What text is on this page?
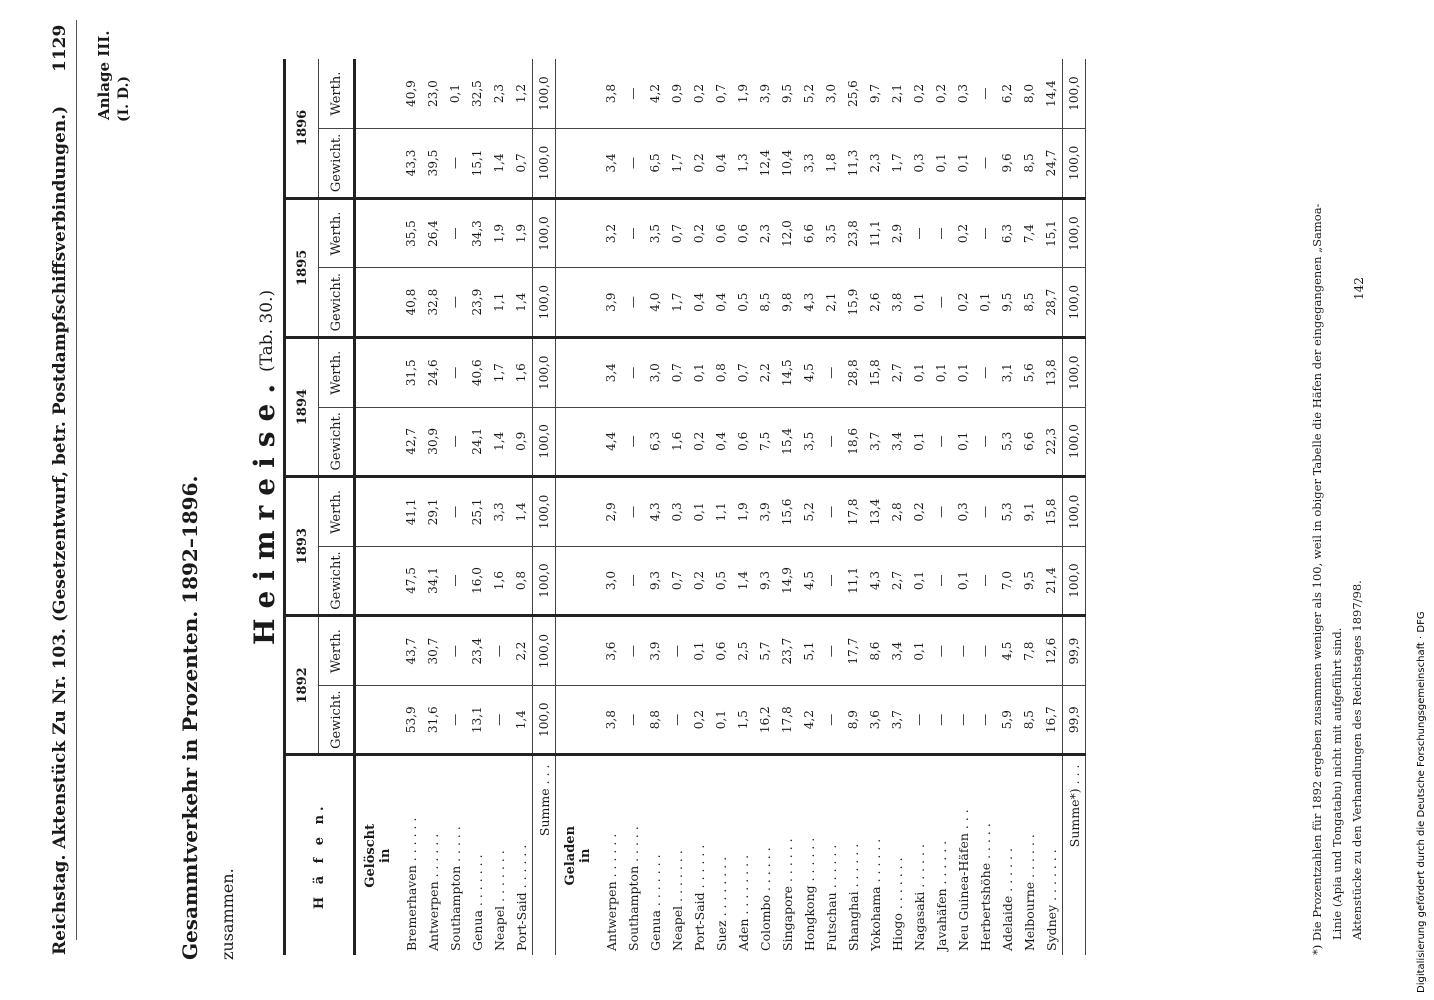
Reichstag. Aktenstück Zu Nr. 103. (Gesetzentwurf, betr. Postdampfschiffsverbindungen.)
1129 Anlage III. (I. D.)
Gesammtverkehr in Prozenten. 1892–1896. zusammen.
Heimreise.
(Tab. 30.)
H ä f e n.	1892		1893		1894		1895		1896	
	Gewicht.	Werth.	Gewicht.	Werth.	Gewicht.	Werth.	Gewicht.	Werth.	Gewicht.	Werth.
Gelöscht
in										
Bremerhaven . . . . . .	53,9	43,7	47,5	41,1	42,7	31,5	40,8	35,5	43,3	40,9
Antwerpen . . . . . .	31,6	30,7	34,1	29,1	30,9	24,6	32,8	26,4	39,5	23,0
Southampton . . . . .	—	—	—	—	—	—	—	—	—	0,1
Genua . . . . . . .	13,1	23,4	16,0	25,1	24,1	40,6	23,9	34,3	15,1	32,5
Neapel . . . . . . .	—	—	1,6	3,3	1,4	1,7	1,1	1,9	1,4	2,3
Port-Said . . . . . .	1,4	2,2	0,8	1,4	0,9	1,6	1,4	1,9	0,7	1,2
Summe . . .	100,0	100,0	100,0	100,0	100,0	100,0	100,0	100,0	100,0	100,0
Geladen
in										
Antwerpen . . . . . .	3,8	3,6	3,0	2,9	4,4	3,4	3,9	3,2	3,4	3,8
Southampton . . . . .	—	—	—	—	—	—	—	—	—	—
Genua . . . . . . .	8,8	3,9	9,3	4,3	6,3	3,0	4,0	3,5	6,5	4,2
Neapel . . . . . . .	—	—	0,7	0,3	1,6	0,7	1,7	0,7	1,7	0,9
Port-Said . . . . . .	0,2	0,1	0,2	0,1	0,2	0,1	0,4	0,2	0,2	0,2
Suez . . . . . . . .	0,1	0,6	0,5	1,1	0,4	0,8	0,4	0,6	0,4	0,7
Aden . . . . . . . .	1,5	2,5	1,4	1,9	0,6	0,7	0,5	0,6	1,3	1,9
Colombo . . . . . .	16,2	5,7	9,3	3,9	7,5	2,2	8,5	2,3	12,4	3,9
Singapore . . . . . .	17,8	23,7	14,9	15,6	15,4	14,5	9,8	12,0	10,4	9,5
Hongkong . . . . . .	4,2	5,1	4,5	5,2	3,5	4,5	4,3	6,6	3,3	5,2
Futschau . . . . . .	—	—	—	—	—	—	2,1	3,5	1,8	3,0
Shanghai . . . . . .	8,9	17,7	11,1	17,8	18,6	28,8	15,9	23,8	11,3	25,6
Yokohama . . . . . .	3,6	8,6	4,3	13,4	3,7	15,8	2,6	11,1	2,3	9,7
Hiogo . . . . . . .	3,7	3,4	2,7	2,8	3,4	2,7	3,8	2,9	1,7	2,1
Nagasaki . . . . . .	—	0,1	0,1	0,2	0,1	0,1	0,1	—	0,3	0,2
Javahäfen . . . . . .	—	—	—	—	—	0,1	—	—	0,1	0,2
Neu Guinea-Häfen . . .	—	—	0,1	0,3	0,1	0,1	0,2	0,2	0,1	0,3
Herbertshöhe . . . . .	—	—	—	—	—	—	0,1	—	—	—
Adelaide . . . . . .	5,9	4,5	7,0	5,3	5,3	3,1	9,5	6,3	9,6	6,2
Melbourne . . . . . .	8,5	7,8	9,5	9,1	6,6	5,6	8,5	7,4	8,5	8,0
Sydney . . . . . . .	16,7	12,6	21,4	15,8	22,3	13,8	28,7	15,1	24,7	14,4
Summe*) . . .	99,9	99,9	100,0	100,0	100,0	100,0	100,0	100,0	100,0	100,0
*) Die Prozentzahlen für 1892 ergeben zusammen weniger als 100, weil in obiger Tabelle die Häfen der eingegangenen „Samoa- Linie (Apia und Tongatabu) nicht mit aufgeführt sind. Aktenstücke zu den Verhandlungen des Reichstages 1897/98.
142
Digitalisierung gefördert durch die Deutsche Forschungsgemeinschaft · DFG
